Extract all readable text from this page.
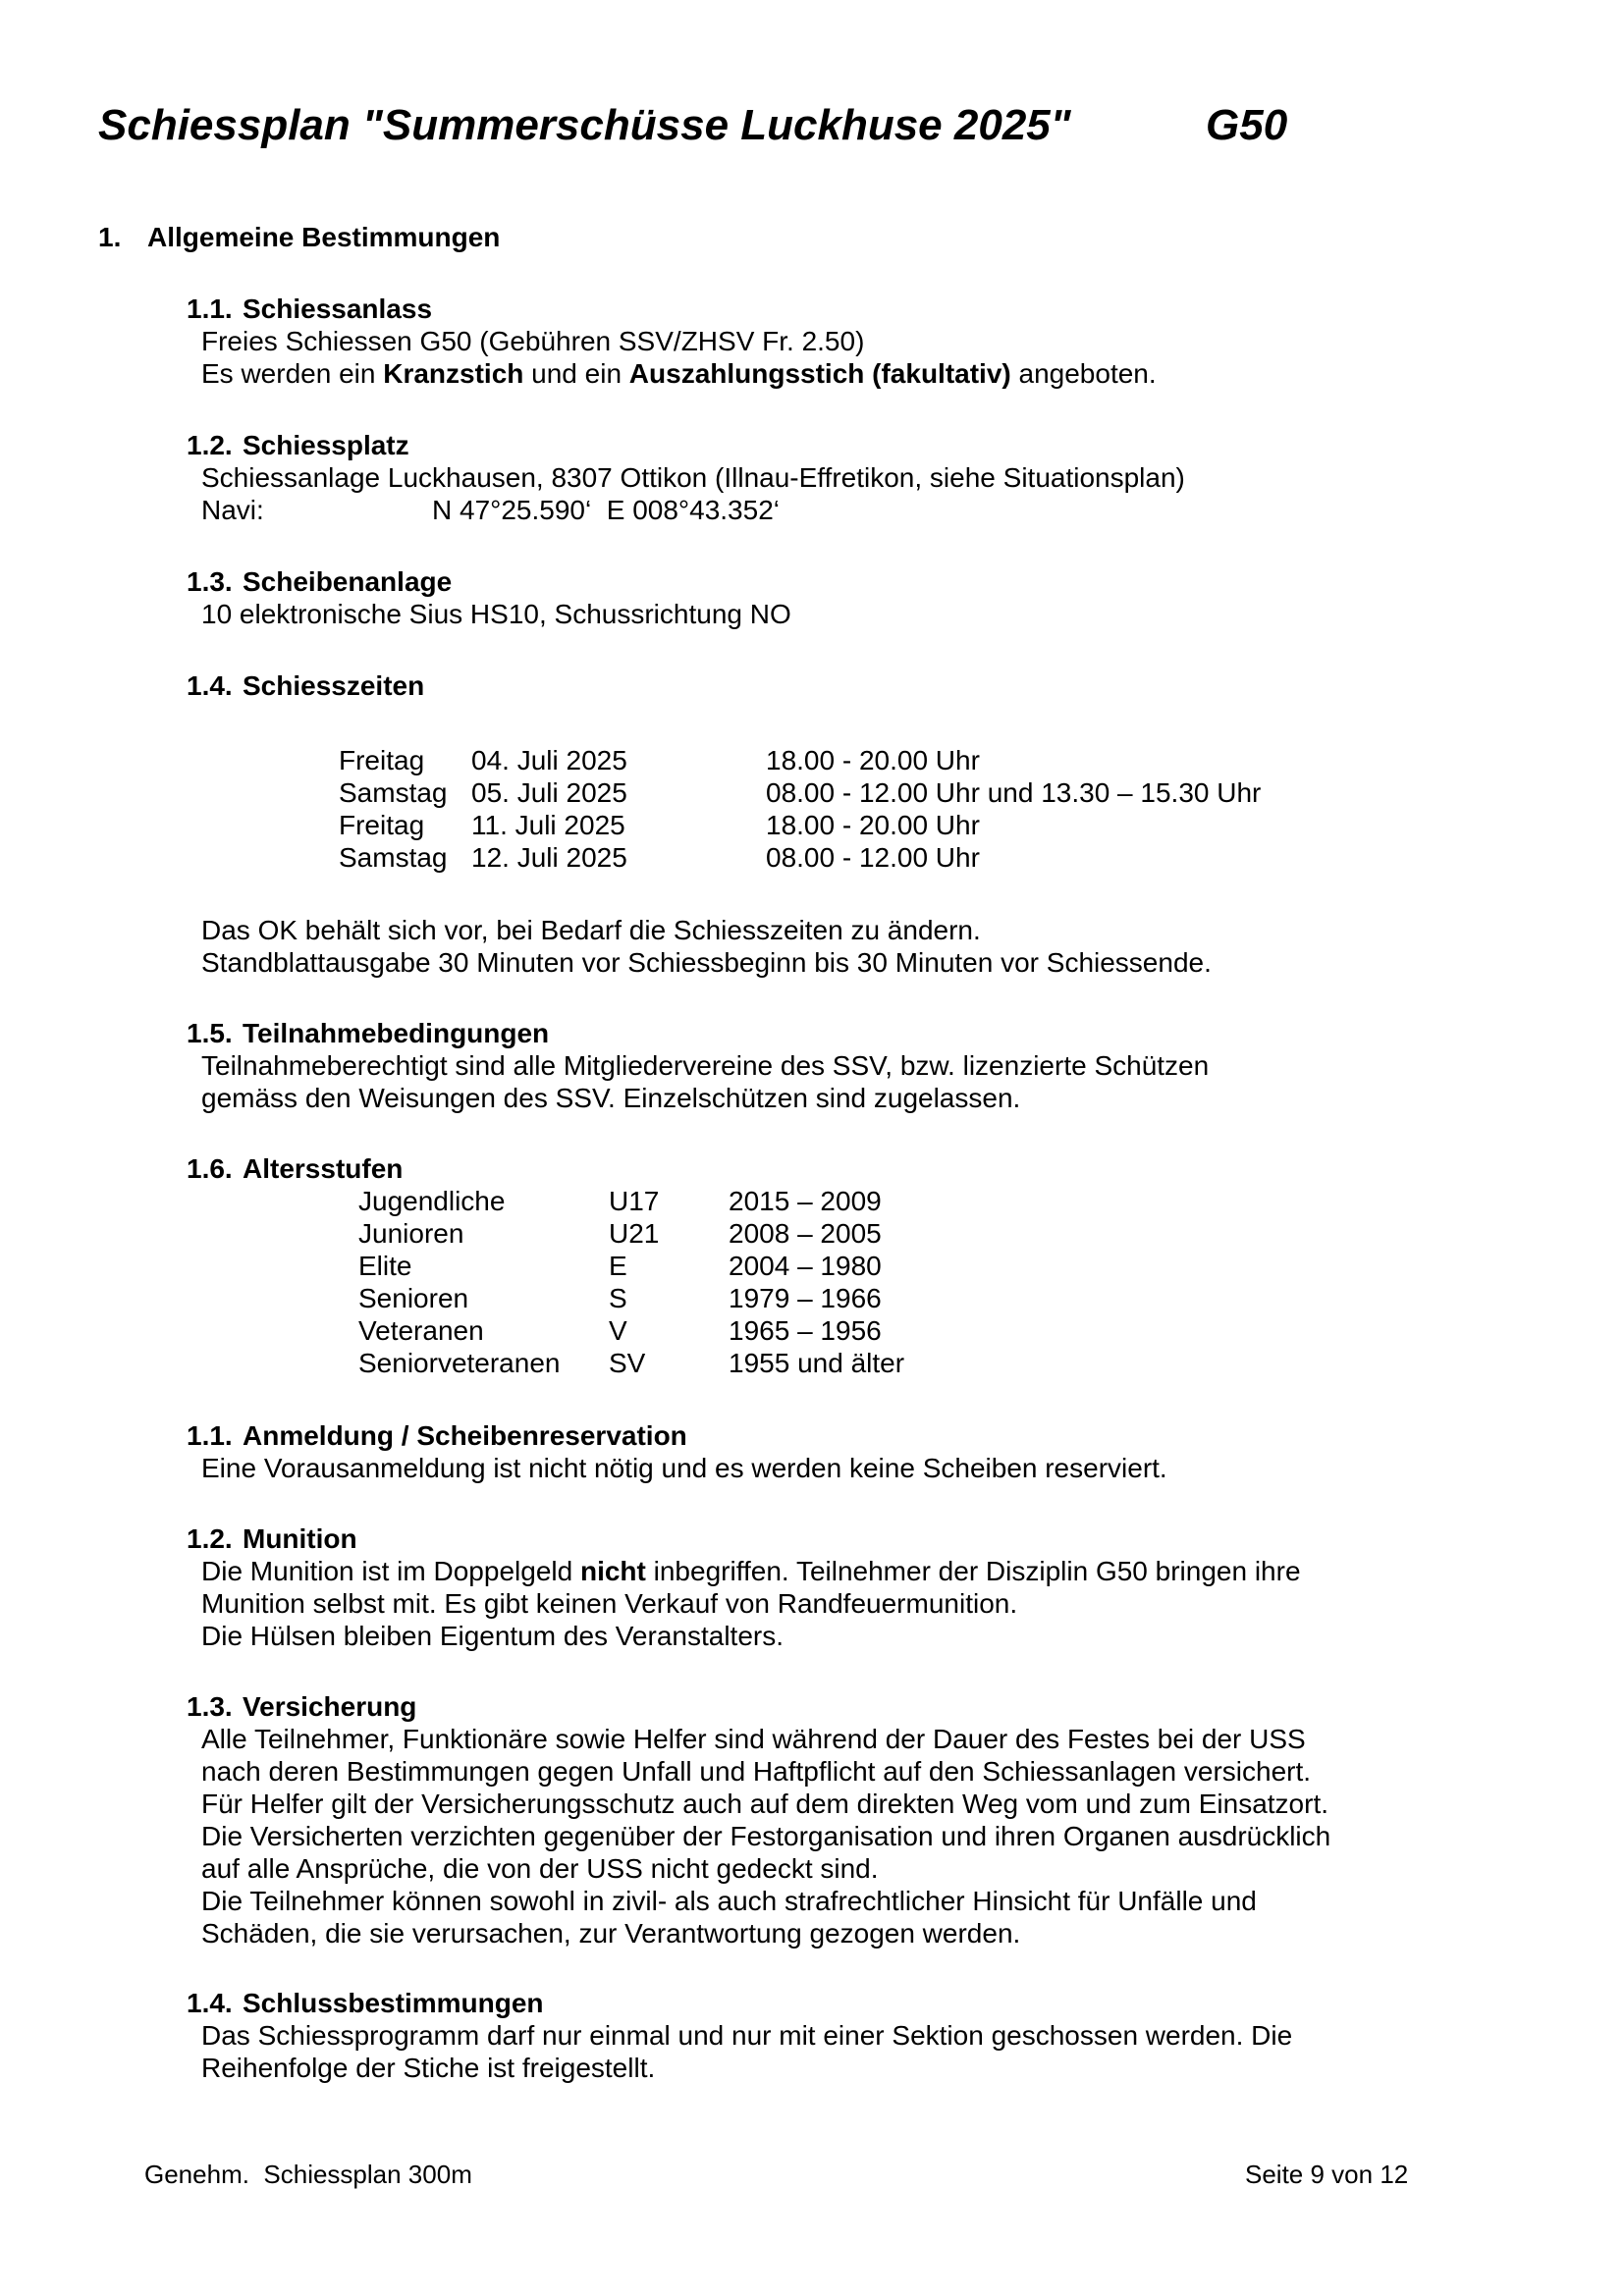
Schiessplan "Summerschüsse Luckhuse 2025"	G50
1. Allgemeine Bestimmungen
1.1. Schiessanlass
Freies Schiessen G50 (Gebühren SSV/ZHSV Fr. 2.50)
Es werden ein Kranzstich und ein Auszahlungsstich (fakultativ) angeboten.
1.2. Schiessplatz
Schiessanlage Luckhausen, 8307 Ottikon (Illnau-Effretikon, siehe Situationsplan)
Navi:	N 47°25.590‘  E 008°43.352‘
1.3. Scheibenanlage
10 elektronische Sius HS10, Schussrichtung NO
1.4. Schiesszeiten
Freitag 04. Juli 2025	18.00 - 20.00 Uhr
Samstag 05. Juli 2025	08.00 - 12.00 Uhr und 13.30 – 15.30 Uhr
Freitag 11. Juli 2025	18.00 - 20.00 Uhr
Samstag 12. Juli 2025	08.00 - 12.00 Uhr
Das OK behält sich vor, bei Bedarf die Schiesszeiten zu ändern.
Standblattausgabe 30 Minuten vor Schiessbeginn bis 30 Minuten vor Schiessende.
1.5. Teilnahmebedingungen
Teilnahmeberechtigt sind alle Mitgliedervereine des SSV, bzw. lizenzierte Schützen
gemäss den Weisungen des SSV. Einzelschützen sind zugelassen.
1.6. Altersstufen
Jugendliche	U17	2015 – 2009
Junioren	U21	2008 – 2005
Elite	E	2004 – 1980
Senioren	S	1979 – 1966
Veteranen	V	1965 – 1956
Seniorveteranen SV	1955 und älter
1.1. Anmeldung / Scheibenreservation
Eine Vorausanmeldung ist nicht nötig und es werden keine Scheiben reserviert.
1.2. Munition
Die Munition ist im Doppelgeld nicht inbegriffen. Teilnehmer der Disziplin G50 bringen ihre
Munition selbst mit. Es gibt keinen Verkauf von Randfeuermunition.
Die Hülsen bleiben Eigentum des Veranstalters.
1.3. Versicherung
Alle Teilnehmer, Funktionäre sowie Helfer sind während der Dauer des Festes bei der USS
nach deren Bestimmungen gegen Unfall und Haftpflicht auf den Schiessanlagen versichert.
Für Helfer gilt der Versicherungsschutz auch auf dem direkten Weg vom und zum Einsatzort.
Die Versicherten verzichten gegenüber der Festorganisation und ihren Organen ausdrücklich
auf alle Ansprüche, die von der USS nicht gedeckt sind.
Die Teilnehmer können sowohl in zivil- als auch strafrechtlicher Hinsicht für Unfälle und
Schäden, die sie verursachen, zur Verantwortung gezogen werden.
1.4. Schlussbestimmungen
Das Schiessprogramm darf nur einmal und nur mit einer Sektion geschossen werden. Die
Reihenfolge der Stiche ist freigestellt.
Genehm.  Schiessplan 300m	Seite 9 von 12
